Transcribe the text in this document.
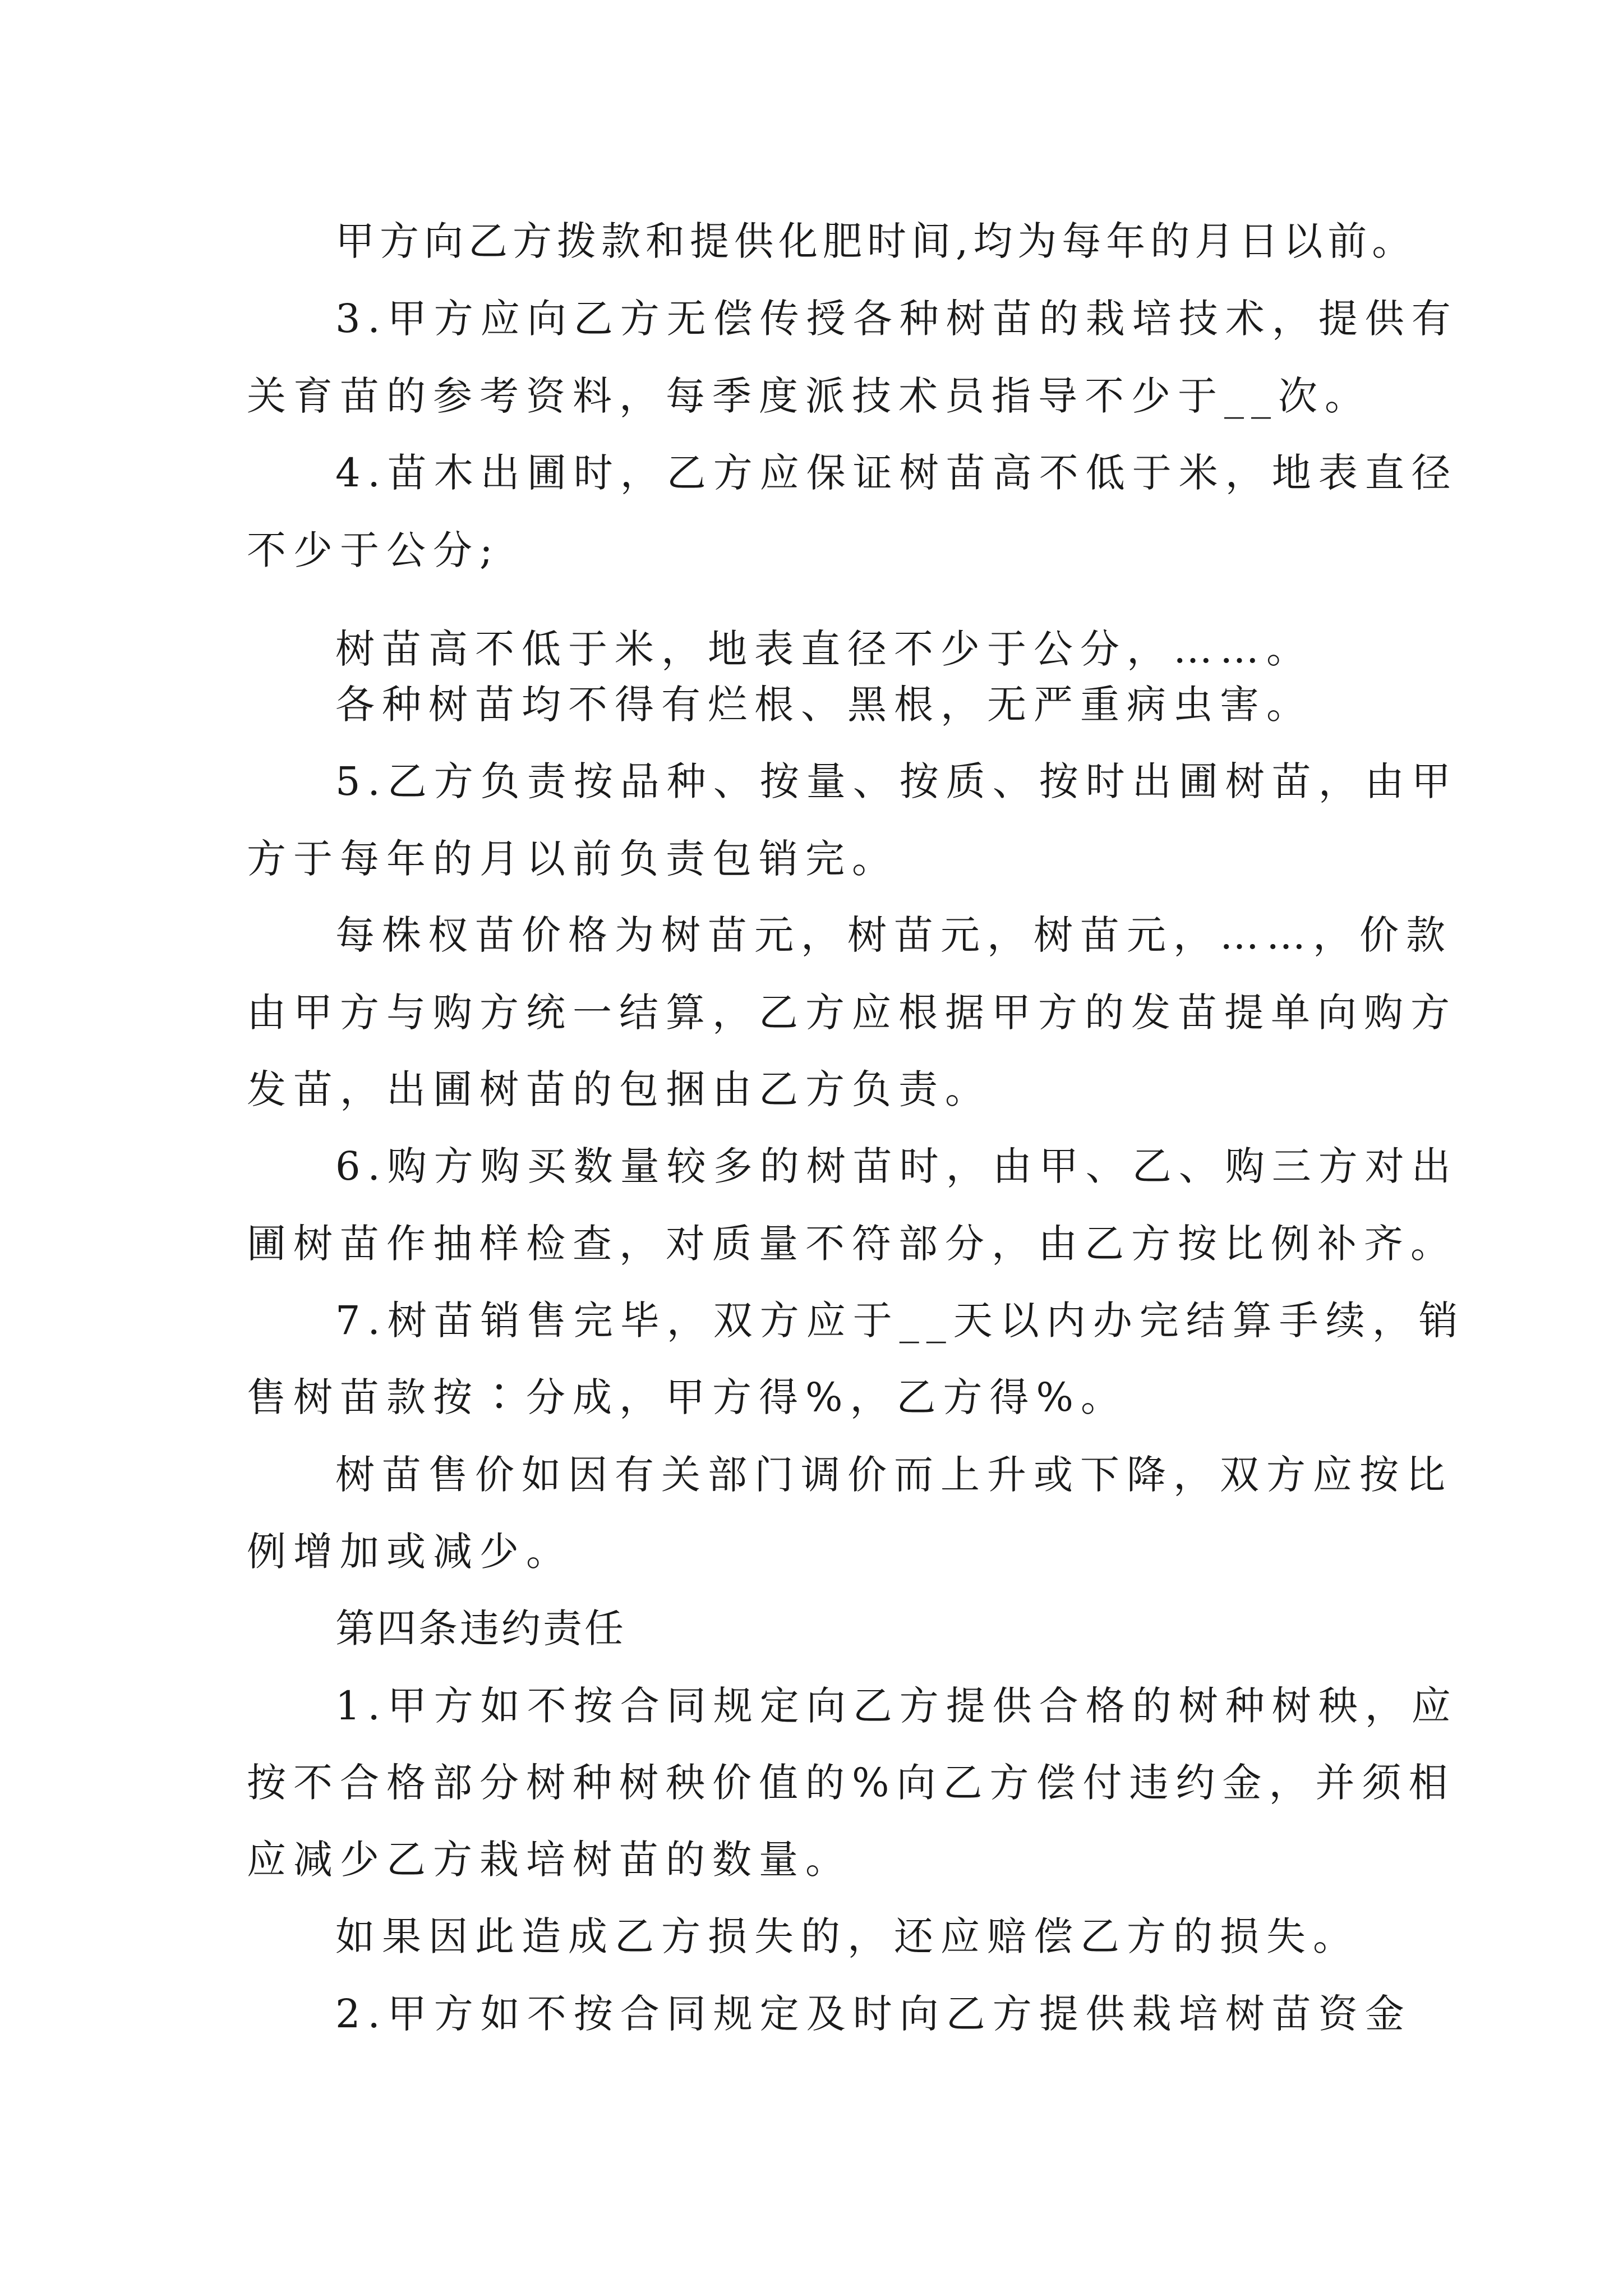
甲方向乙方拨款和提供化肥时间,均为每年的月日以前。
3.甲方应向乙方无偿传授各种树苗的栽培技术，提供有
关育苗的参考资料，每季度派技术员指导不少于__次。
4.苗木出圃时，乙方应保证树苗高不低于米，地表直径
不少于公分;
树苗高不低于米，地表直径不少于公分，……。
各种树苗均不得有烂根、黑根，无严重病虫害。
5.乙方负责按品种、按量、按质、按时出圃树苗，由甲
方于每年的月以前负责包销完。
每株杈苗价格为树苗元，树苗元，树苗元，……，价款
由甲方与购方统一结算，乙方应根据甲方的发苗提单向购方
发苗，出圃树苗的包捆由乙方负责。
6.购方购买数量较多的树苗时，由甲、乙、购三方对出
圃树苗作抽样检查，对质量不符部分，由乙方按比例补齐。
7.树苗销售完毕，双方应于__天以内办完结算手续，销
售树苗款按∶分成，甲方得%，乙方得%。
树苗售价如因有关部门调价而上升或下降，双方应按比
例增加或减少。
第四条违约责任
1.甲方如不按合同规定向乙方提供合格的树种树秧，应
按不合格部分树种树秧价值的%向乙方偿付违约金，并须相
应减少乙方栽培树苗的数量。
如果因此造成乙方损失的，还应赔偿乙方的损失。
2.甲方如不按合同规定及时向乙方提供栽培树苗资金
